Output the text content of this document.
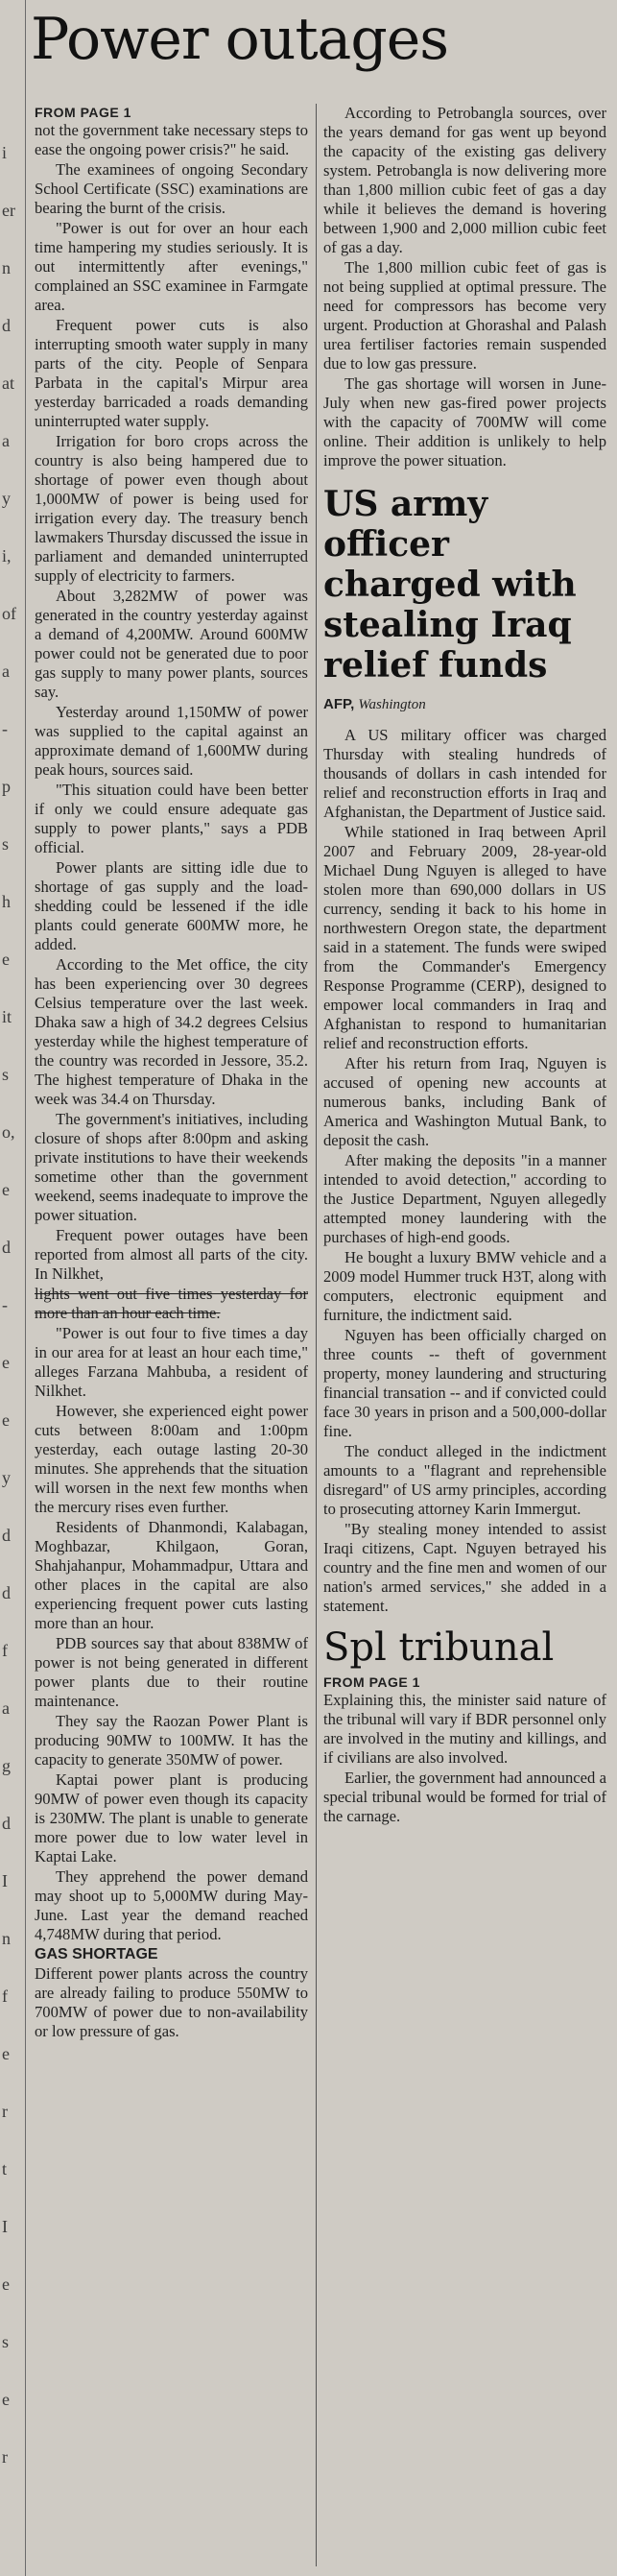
i
er
n
d
at
a
y
i,
of
a
-
p
s
h
e
it
s
o,
e
d
-
e
e
y
d
d
f
a
g
d
I
n
f
e
r
t
I
e
s
e
r
Power outages
FROM PAGE 1

not the government take necessary steps to ease the ongoing power crisis?" he said.

The examinees of ongoing Secondary School Certificate (SSC) examinations are bearing the burnt of the crisis.

"Power is out for over an hour each time hampering my studies seriously. It is out intermittently after evenings," complained an SSC examinee in Farmgate area.

Frequent power cuts is also interrupting smooth water supply in many parts of the city. People of Senpara Parbata in the capital's Mirpur area yesterday barricaded a roads demanding uninterrupted water supply.

Irrigation for boro crops across the country is also being hampered due to shortage of power even though about 1,000MW of power is being used for irrigation every day. The treasury bench lawmakers Thursday discussed the issue in parliament and demanded uninterrupted supply of electricity to farmers.

About 3,282MW of power was generated in the country yesterday against a demand of 4,200MW. Around 600MW power could not be generated due to poor gas supply to many power plants, sources say.

Yesterday around 1,150MW of power was supplied to the capital against an approximate demand of 1,600MW during peak hours, sources said.

"This situation could have been better if only we could ensure adequate gas supply to power plants," says a PDB official.

Power plants are sitting idle due to shortage of gas supply and the load-shedding could be lessened if the idle plants could generate 600MW more, he added.

According to the Met office, the city has been experiencing over 30 degrees Celsius temperature over the last week. Dhaka saw a high of 34.2 degrees Celsius yesterday while the highest temperature of the country was recorded in Jessore, 35.2. The highest temperature of Dhaka in the week was 34.4 on Thursday.

The government's initiatives, including closure of shops after 8:00pm and asking private institutions to have their weekends sometime other than the government weekend, seems inadequate to improve the power situation.

Frequent power outages have been reported from almost all parts of the city. In Nilkhet,

lights went out five times yesterday for more than an hour each time.

"Power is out four to five times a day in our area for at least an hour each time," alleges Farzana Mahbuba, a resident of Nilkhet.

However, she experienced eight power cuts between 8:00am and 1:00pm yesterday, each outage lasting 20-30 minutes. She apprehends that the situation will worsen in the next few months when the mercury rises even further.

Residents of Dhanmondi, Kalabagan, Moghbazar, Khilgaon, Goran, Shahjahanpur, Mohammadpur, Uttara and other places in the capital are also experiencing frequent power cuts lasting more than an hour.

PDB sources say that about 838MW of power is not being generated in different power plants due to their routine maintenance.

They say the Raozan Power Plant is producing 90MW to 100MW. It has the capacity to generate 350MW of power.

Kaptai power plant is producing 90MW of power even though its capacity is 230MW. The plant is unable to generate more power due to low water level in Kaptai Lake.

They apprehend the power demand may shoot up to 5,000MW during May-June. Last year the demand reached 4,748MW during that period.

GAS SHORTAGE

Different power plants across the country are already failing to produce 550MW to 700MW of power due to non-availability or low pressure of gas.

According to Petrobangla sources, over the years demand for gas went up beyond the capacity of the existing gas delivery system. Petrobangla is now delivering more than 1,800 million cubic feet of gas a day while it believes the demand is hovering between 1,900 and 2,000 million cubic feet of gas a day.

The 1,800 million cubic feet of gas is not being supplied at optimal pressure. The need for compressors has become very urgent. Production at Ghorashal and Palash urea fertiliser factories remain suspended due to low gas pressure.

The gas shortage will worsen in June-July when new gas-fired power projects with the capacity of 700MW will come online. Their addition is unlikely to help improve the power situation.

US army officer charged with stealing Iraq relief funds
AFP, Washington

A US military officer was charged Thursday with stealing hundreds of thousands of dollars in cash intended for relief and reconstruction efforts in Iraq and Afghanistan, the Department of Justice said.

While stationed in Iraq between April 2007 and February 2009, 28-year-old Michael Dung Nguyen is alleged to have stolen more than 690,000 dollars in US currency, sending it back to his home in northwestern Oregon state, the department said in a statement. The funds were swiped from the Commander's Emergency Response Programme (CERP), designed to empower local commanders in Iraq and Afghanistan to respond to humanitarian relief and reconstruction efforts.

After his return from Iraq, Nguyen is accused of opening new accounts at numerous banks, including Bank of America and Washington Mutual Bank, to deposit the cash.

After making the deposits "in a manner intended to avoid detection," according to the Justice Department, Nguyen allegedly attempted money laundering with the purchases of high-end goods.

He bought a luxury BMW vehicle and a 2009 model Hummer truck H3T, along with computers, electronic equipment and furniture, the indictment said.

Nguyen has been officially charged on three counts -- theft of government property, money laundering and structuring financial transation -- and if convicted could face 30 years in prison and a 500,000-dollar fine.

The conduct alleged in the indictment amounts to a "flagrant and reprehensible disregard" of US army principles, according to prosecuting attorney Karin Immergut.

"By stealing money intended to assist Iraqi citizens, Capt. Nguyen betrayed his country and the fine men and women of our nation's armed services," she added in a statement.

Spl tribunal
FROM PAGE 1

Explaining this, the minister said nature of the tribunal will vary if BDR personnel only are involved in the mutiny and killings, and if civilians are also involved.

Earlier, the government had announced a special tribunal would be formed for trial of the carnage.
